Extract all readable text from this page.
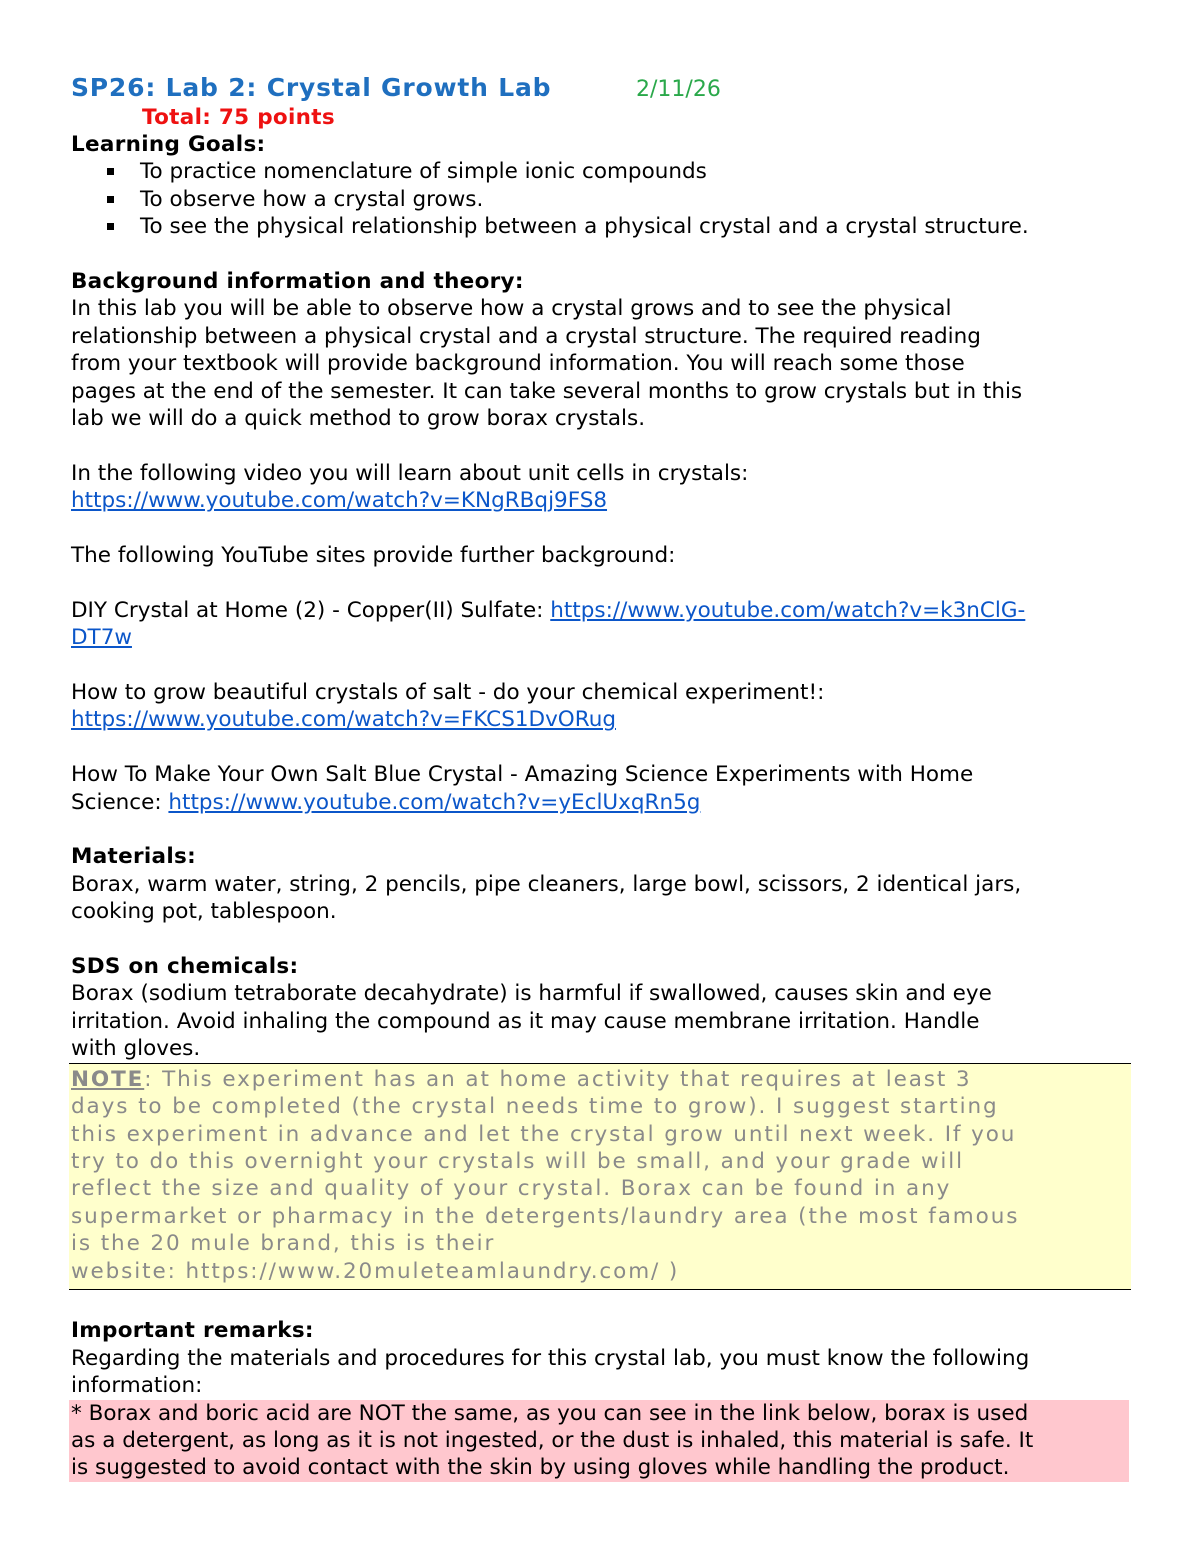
SP26: Lab 2: Crystal Growth Lab	2/11/26
Total: 75 points
Learning Goals:
To practice nomenclature of simple ionic compounds
To observe how a crystal grows.
To see the physical relationship between a physical crystal and a crystal structure.
Background information and theory:
In this lab you will be able to observe how a crystal grows and to see the physical
relationship between a physical crystal and a crystal structure. The required reading
from your textbook will provide background information. You will reach some those
pages at the end of the semester. It can take several months to grow crystals but in this
lab we will do a quick method to grow borax crystals.
In the following video you will learn about unit cells in crystals:
https://www.youtube.com/watch?v=KNgRBqj9FS8
The following YouTube sites provide further background:
DIY Crystal at Home (2) - Copper(II) Sulfate: https://www.youtube.com/watch?v=k3nClG-
DT7w
How to grow beautiful crystals of salt - do your chemical experiment!:
https://www.youtube.com/watch?v=FKCS1DvORug
How To Make Your Own Salt Blue Crystal - Amazing Science Experiments with Home
Science: https://www.youtube.com/watch?v=yEclUxqRn5g
Materials:
Borax, warm water, string, 2 pencils, pipe cleaners, large bowl, scissors, 2 identical jars,
cooking pot, tablespoon.
SDS on chemicals:
Borax (sodium tetraborate decahydrate) is harmful if swallowed, causes skin and eye
irritation. Avoid inhaling the compound as it may cause membrane irritation. Handle
with gloves.
NOTE: This experiment has an at home activity that requires at least 3
days to be completed (the crystal needs time to grow). I suggest starting
this experiment in advance and let the crystal grow until next week. If you
try to do this overnight your crystals will be small, and your grade will
reflect the size and quality of your crystal. Borax can be found in any
supermarket or pharmacy in the detergents/laundry area (the most famous
is the 20 mule brand, this is their
website: https://www.20muleteamlaundry.com/ )
Important remarks:
Regarding the materials and procedures for this crystal lab, you must know the following
information:
* Borax and boric acid are NOT the same, as you can see in the link below, borax is used
as a detergent, as long as it is not ingested, or the dust is inhaled, this material is safe. It
is suggested to avoid contact with the skin by using gloves while handling the product.
